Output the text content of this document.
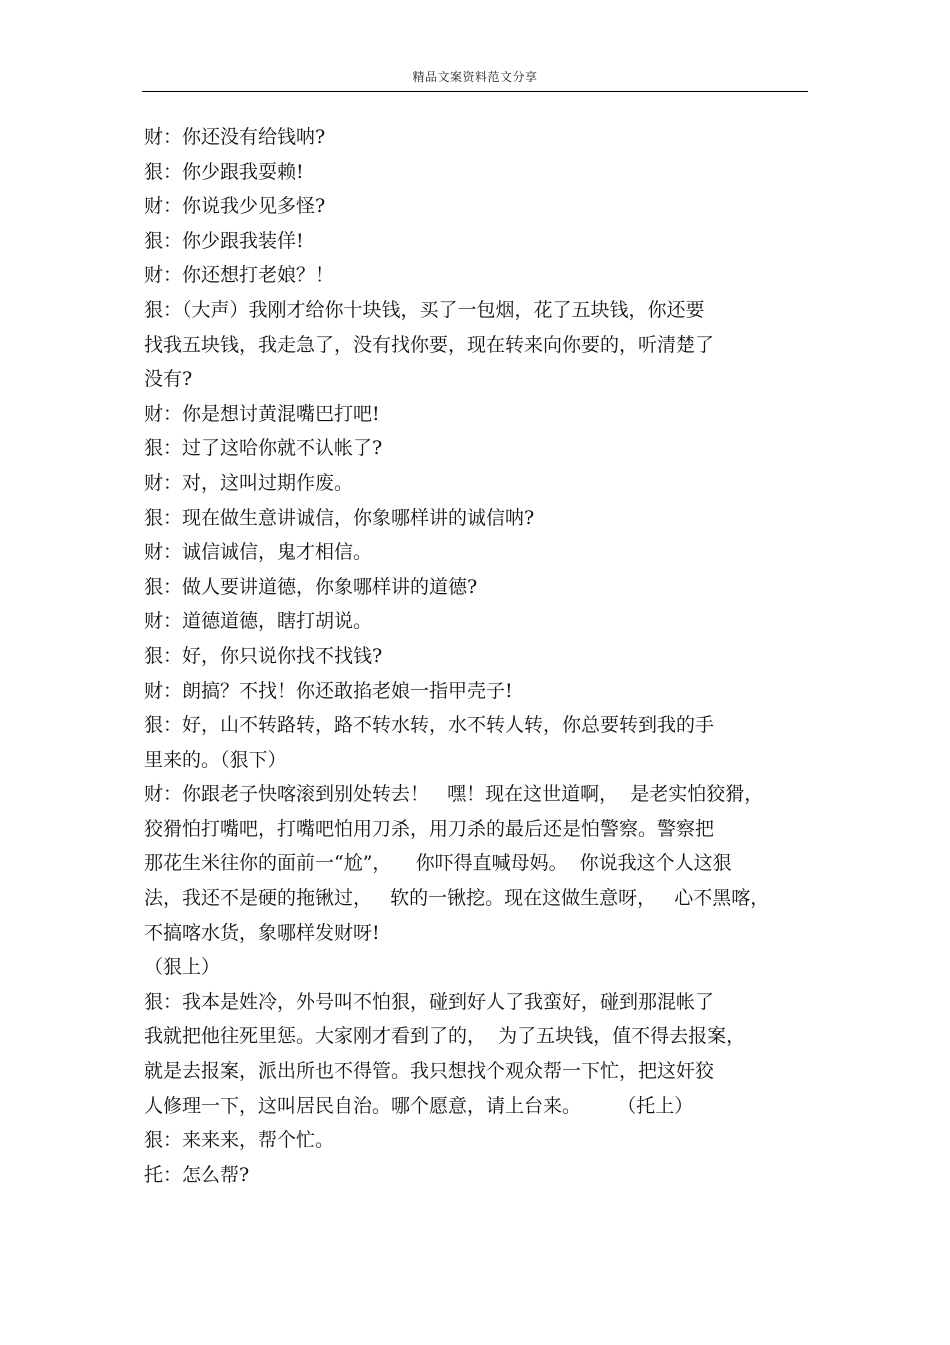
精品文案资料范文分享
财：你还没有给钱呐?
狠：你少跟我耍赖!
财：你说我少见多怪?
狠：你少跟我装佯!
财：你还想打老娘？！
狠：（大声）我刚才给你十块钱，买了一包烟，花了五块钱，你还要
找我五块钱，我走急了，没有找你要，现在转来向你要的，听清楚了
没有?
财：你是想讨黄混嘴巴打吧!
狠：过了这哈你就不认帐了?
财：对，这叫过期作废。
狠：现在做生意讲诚信，你象哪样讲的诚信呐?
财：诚信诚信，鬼才相信。
狠：做人要讲道德，你象哪样讲的道德?
财：道德道德，瞎打胡说。
狠：好，你只说你找不找钱?
财：朗搞？不找！你还敢掐老娘一指甲壳子!
狠：好，山不转路转，路不转水转，水不转人转，你总要转到我的手
里来的。（狠下）
财：你跟老子快喀滚到别处转去！   嘿！现在这世道啊，  是老实怕狡猾，
狡猾怕打嘴吧，打嘴吧怕用刀杀，用刀杀的最后还是怕警察。警察把
那花生米往你的面前一“尬”，    你吓得直喊母妈。  你说我这个人这狠
法，我还不是硬的拖锹过，   软的一锹挖。现在这做生意呀，   心不黑喀，
不搞喀水货，象哪样发财呀!
（狠上）
狠：我本是姓冷，外号叫不怕狠，碰到好人了我蛮好，碰到那混帐了
我就把他往死里惩。大家刚才看到了的，  为了五块钱，值不得去报案，
就是去报案，派出所也不得管。我只想找个观众帮一下忙，把这奸狡
人修理一下，这叫居民自治。哪个愿意，请上台来。      （托上）
狠：来来来，帮个忙。
托：怎么帮?
